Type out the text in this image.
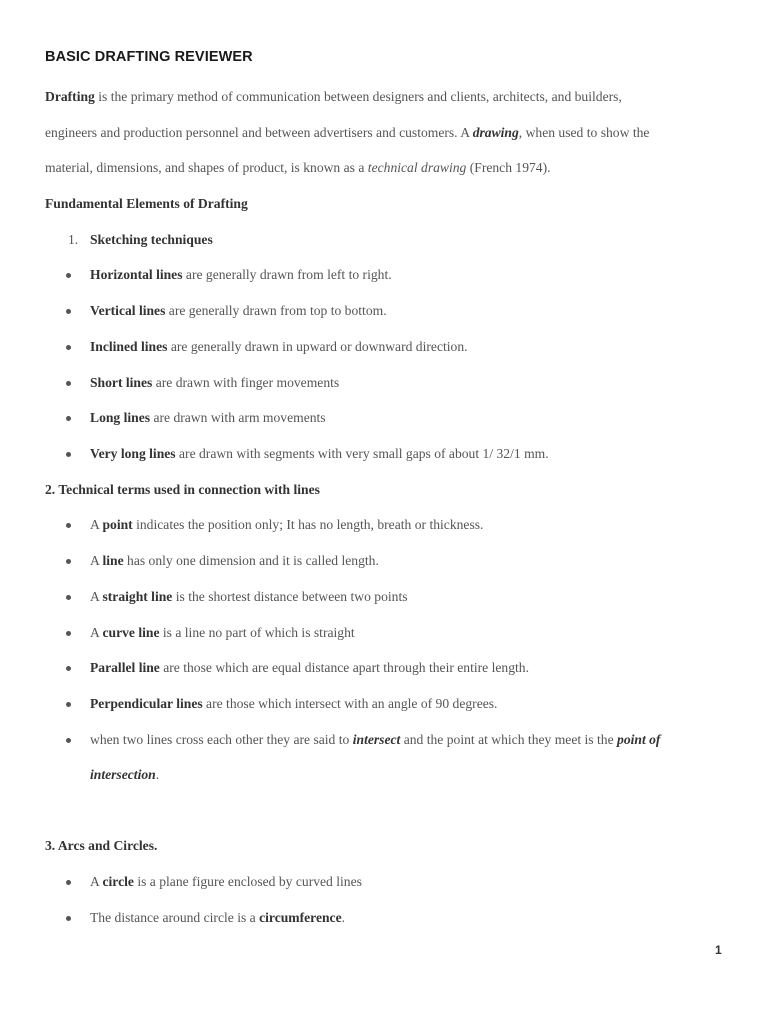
BASIC DRAFTING REVIEWER
Drafting is the primary method of communication between designers and clients, architects, and builders,
engineers and production personnel and between advertisers and customers. A drawing, when used to show the
material, dimensions, and shapes of product, is known as a technical drawing (French 1974).
Fundamental Elements of Drafting
1. Sketching techniques
Horizontal lines are generally drawn from left to right.
Vertical lines are generally drawn from top to bottom.
Inclined lines are generally drawn in upward or downward direction.
Short lines are drawn with finger movements
Long lines are drawn with arm movements
Very long lines are drawn with segments with very small gaps of about 1/ 32/1 mm.
2. Technical terms used in connection with lines
A point indicates the position only; It has no length, breath or thickness.
A line has only one dimension and it is called length.
A straight line is the shortest distance between two points
A curve line is a line no part of which is straight
Parallel line are those which are equal distance apart through their entire length.
Perpendicular lines are those which intersect with an angle of 90 degrees.
when two lines cross each other they are said to intersect and the point at which they meet is the point of
intersection.
3. Arcs and Circles.
A circle is a plane figure enclosed by curved lines
The distance around circle is a circumference.
1
